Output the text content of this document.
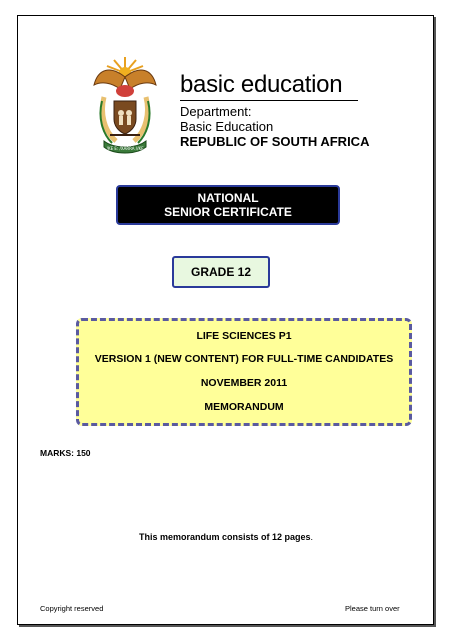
!KE E: /XARRA //KE
basic education
Department:
Basic Education
REPUBLIC OF SOUTH AFRICA
NATIONAL
SENIOR CERTIFICATE
GRADE 12
LIFE SCIENCES P1
VERSION 1 (NEW CONTENT) FOR FULL-TIME CANDIDATES
NOVEMBER 2011
MEMORANDUM
MARKS: 150
This memorandum consists of 12 pages.
Copyright reserved	Please turn over
